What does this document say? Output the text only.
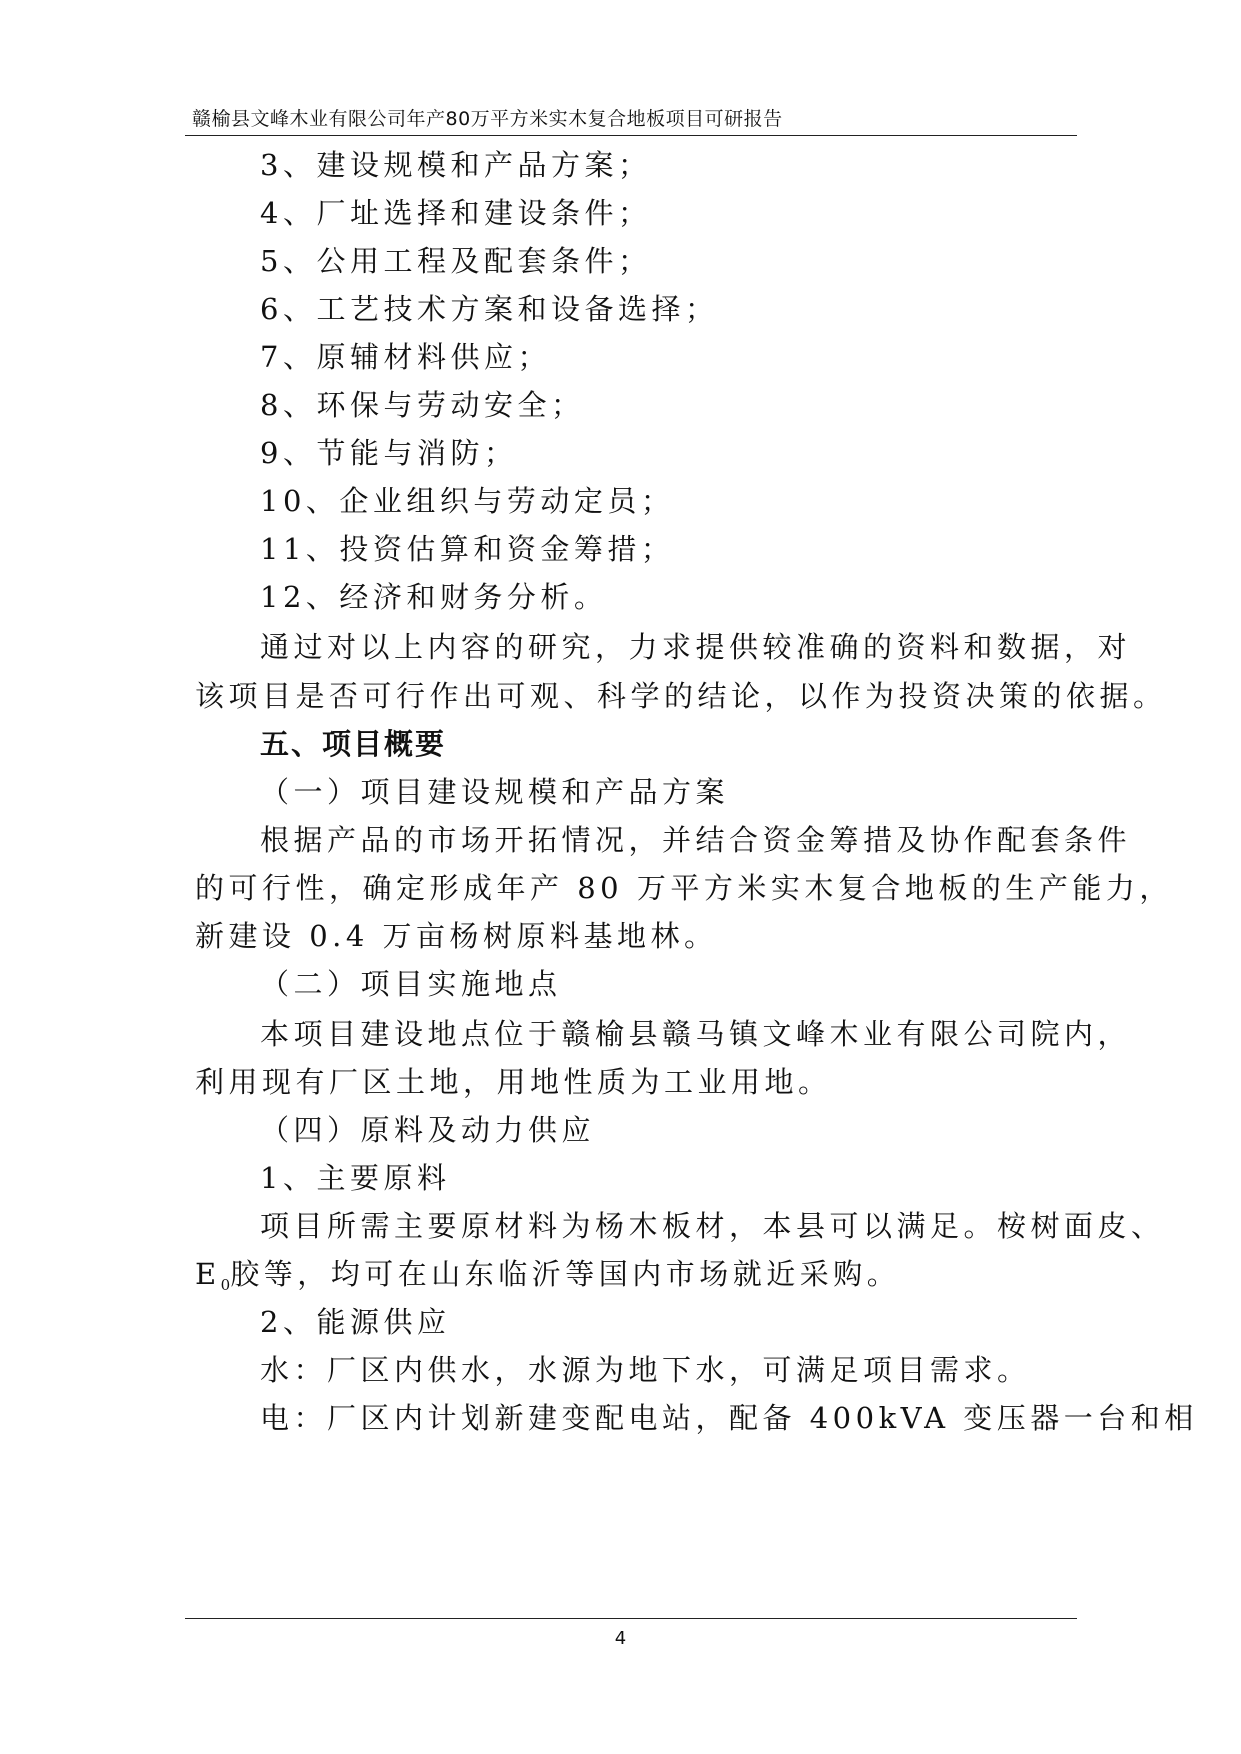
赣榆县文峰木业有限公司年产80万平方米实木复合地板项目可研报告
3、建设规模和产品方案；
4、厂址选择和建设条件；
5、公用工程及配套条件；
6、工艺技术方案和设备选择；
7、原辅材料供应；
8、环保与劳动安全；
9、节能与消防；
10、企业组织与劳动定员；
11、投资估算和资金筹措；
12、经济和财务分析。
通过对以上内容的研究，力求提供较准确的资料和数据，对
该项目是否可行作出可观、科学的结论，以作为投资决策的依据。
五、项目概要
（一）项目建设规模和产品方案
根据产品的市场开拓情况，并结合资金筹措及协作配套条件
的可行性，确定形成年产 80 万平方米实木复合地板的生产能力，
新建设 0.4 万亩杨树原料基地林。
（二）项目实施地点
本项目建设地点位于赣榆县赣马镇文峰木业有限公司院内，
利用现有厂区土地，用地性质为工业用地。
（四）原料及动力供应
1、主要原料
项目所需主要原材料为杨木板材，本县可以满足。桉树面皮、
$E_0$胶等，均可在山东临沂等国内市场就近采购。
2、能源供应
水：厂区内供水，水源为地下水，可满足项目需求。
电：厂区内计划新建变配电站，配备 400kVA 变压器一台和相
4
